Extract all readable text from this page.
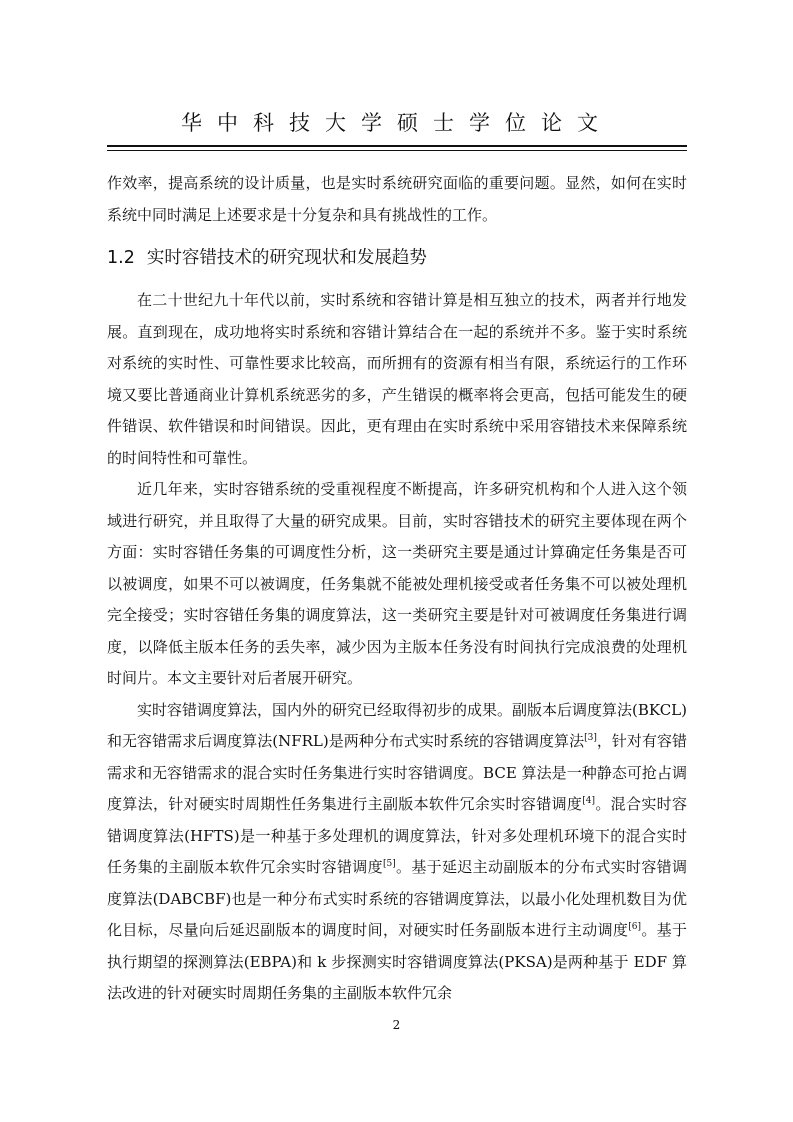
华中科技大学硕士学位论文

作效率，提高系统的设计质量，也是实时系统研究面临的重要问题。显然，如何在实时系统中同时满足上述要求是十分复杂和具有挑战性的工作。

1.2 实时容错技术的研究现状和发展趋势

在二十世纪九十年代以前，实时系统和容错计算是相互独立的技术，两者并行地发展。直到现在，成功地将实时系统和容错计算结合在一起的系统并不多。鉴于实时系统对系统的实时性、可靠性要求比较高，而所拥有的资源有相当有限，系统运行的工作环境又要比普通商业计算机系统恶劣的多，产生错误的概率将会更高，包括可能发生的硬件错误、软件错误和时间错误。因此，更有理由在实时系统中采用容错技术来保障系统的时间特性和可靠性。

近几年来，实时容错系统的受重视程度不断提高，许多研究机构和个人进入这个领域进行研究，并且取得了大量的研究成果。目前，实时容错技术的研究主要体现在两个方面：实时容错任务集的可调度性分析，这一类研究主要是通过计算确定任务集是否可以被调度，如果不可以被调度，任务集就不能被处理机接受或者任务集不可以被处理机完全接受；实时容错任务集的调度算法，这一类研究主要是针对可被调度任务集进行调度，以降低主版本任务的丢失率，减少因为主版本任务没有时间执行完成浪费的处理机时间片。本文主要针对后者展开研究。

实时容错调度算法，国内外的研究已经取得初步的成果。副版本后调度算法(BKCL)和无容错需求后调度算法(NFRL)是两种分布式实时系统的容错调度算法[3]，针对有容错需求和无容错需求的混合实时任务集进行实时容错调度。BCE 算法是一种静态可抢占调度算法，针对硬实时周期性任务集进行主副版本软件冗余实时容错调度[4]。混合实时容错调度算法(HFTS)是一种基于多处理机的调度算法，针对多处理机环境下的混合实时任务集的主副版本软件冗余实时容错调度[5]。基于延迟主动副版本的分布式实时容错调度算法(DABCBF)也是一种分布式实时系统的容错调度算法，以最小化处理机数目为优化目标，尽量向后延迟副版本的调度时间，对硬实时任务副版本进行主动调度[6]。基于执行期望的探测算法(EBPA)和 k 步探测实时容错调度算法(PKSA)是两种基于 EDF 算法改进的针对硬实时周期任务集的主副版本软件冗余

2
